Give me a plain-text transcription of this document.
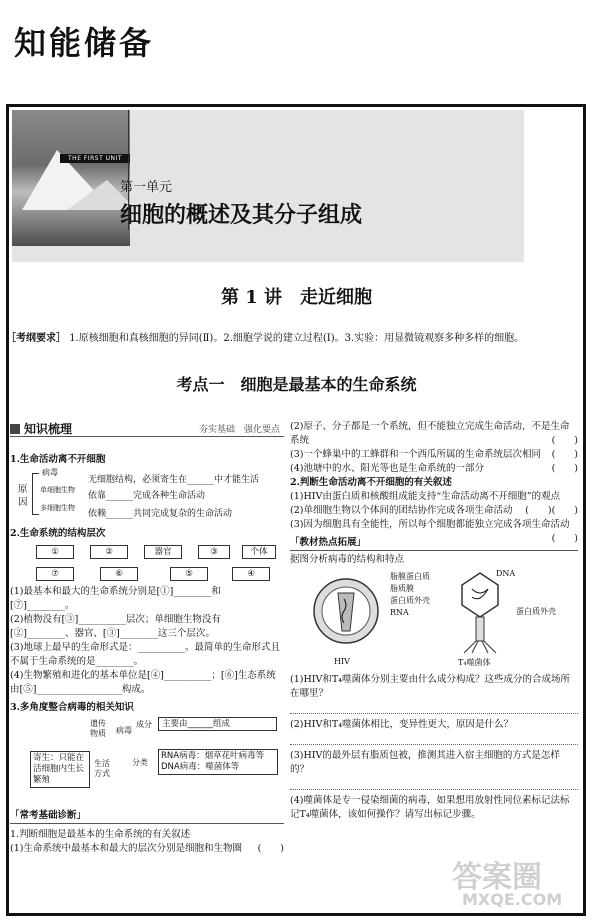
知能储备
THE FIRST UNIT
第一单元
细胞的概述及其分子组成
第 1 讲　走近细胞
［考纲要求］ 1.原核细胞和真核细胞的异同(Ⅱ)。2.细胞学说的建立过程(Ⅰ)。3.实验：用显微镜观察多种多样的细胞。
考点一　细胞是最基本的生命系统
知识梳理	夯实基础　强化要点
1.生命活动离不开细胞
原因
病毒
无细胞结构，必须寄生在______中才能生活
单细胞生物
依靠______完成各种生命活动
多细胞生物
依赖______共同完成复杂的生命活动
2.生命系统的结构层次
①	②	器官	③	个体
⑦	⑥	⑤	④
(1)最基本和最大的生命系统分别是[①]________和[⑦]________。
(2)植物没有[③]__________层次；单细胞生物没有[②]________、器官、[③]________这三个层次。
(3)地球上最早的生命形式是：__________。最简单的生命形式且不属于生命系统的是________。
(4)生物繁殖和进化的基本单位是[④]__________；[⑥]生态系统由[⑤]__________________构成。
3.多角度整合病毒的相关知识
遗传物质	病毒
成分	主要由______组成
寄生：只能在活细胞内生长繁殖
生活方式
分类
RNA病毒：烟草花叶病毒等
DNA病毒：噬菌体等
「常考基础诊断」
1.判断细胞是最基本的生命系统的有关叙述
(1)生命系统中最基本和最大的层次分别是细胞和生物圈 (　　)
(2)原子、分子都是一个系统，但不能独立完成生命活动，不是生命系统	(　　)
(3)一个蜂巢中的工蜂群和一个西瓜所属的生命系统层次相同 (　　)
(4)池塘中的水、阳光等也是生命系统的一部分	(　　)
2.判断生命活动离不开细胞的有关叙述
(1)HIV由蛋白质和核酸组成能支持“生命活动离不开细胞”的观点
(　　)
(2)单细胞生物以个体间的团结协作完成各项生命活动 (　　)
(3)因为细胞具有全能性，所以每个细胞都能独立完成各项生命活动
(　　)
「教材热点拓展」
据图分析病毒的结构和特点
脂膜蛋白质
脂质膜
蛋白质外壳
RNA
HIV
DNA
蛋白质外壳
T₄噬菌体
(1)HIV和T₄噬菌体分别主要由什么成分构成？这些成分的合成场所在哪里？
(2)HIV和T₄噬菌体相比，变异性更大，原因是什么？
(3)HIV的最外层有脂质包被，推测其进入宿主细胞的方式是怎样的？
(4)噬菌体是专一侵染细菌的病毒，如果想用放射性同位素标记法标记T₄噬菌体，该如何操作？请写出标记步骤。
答案圈
MXQE.COM
